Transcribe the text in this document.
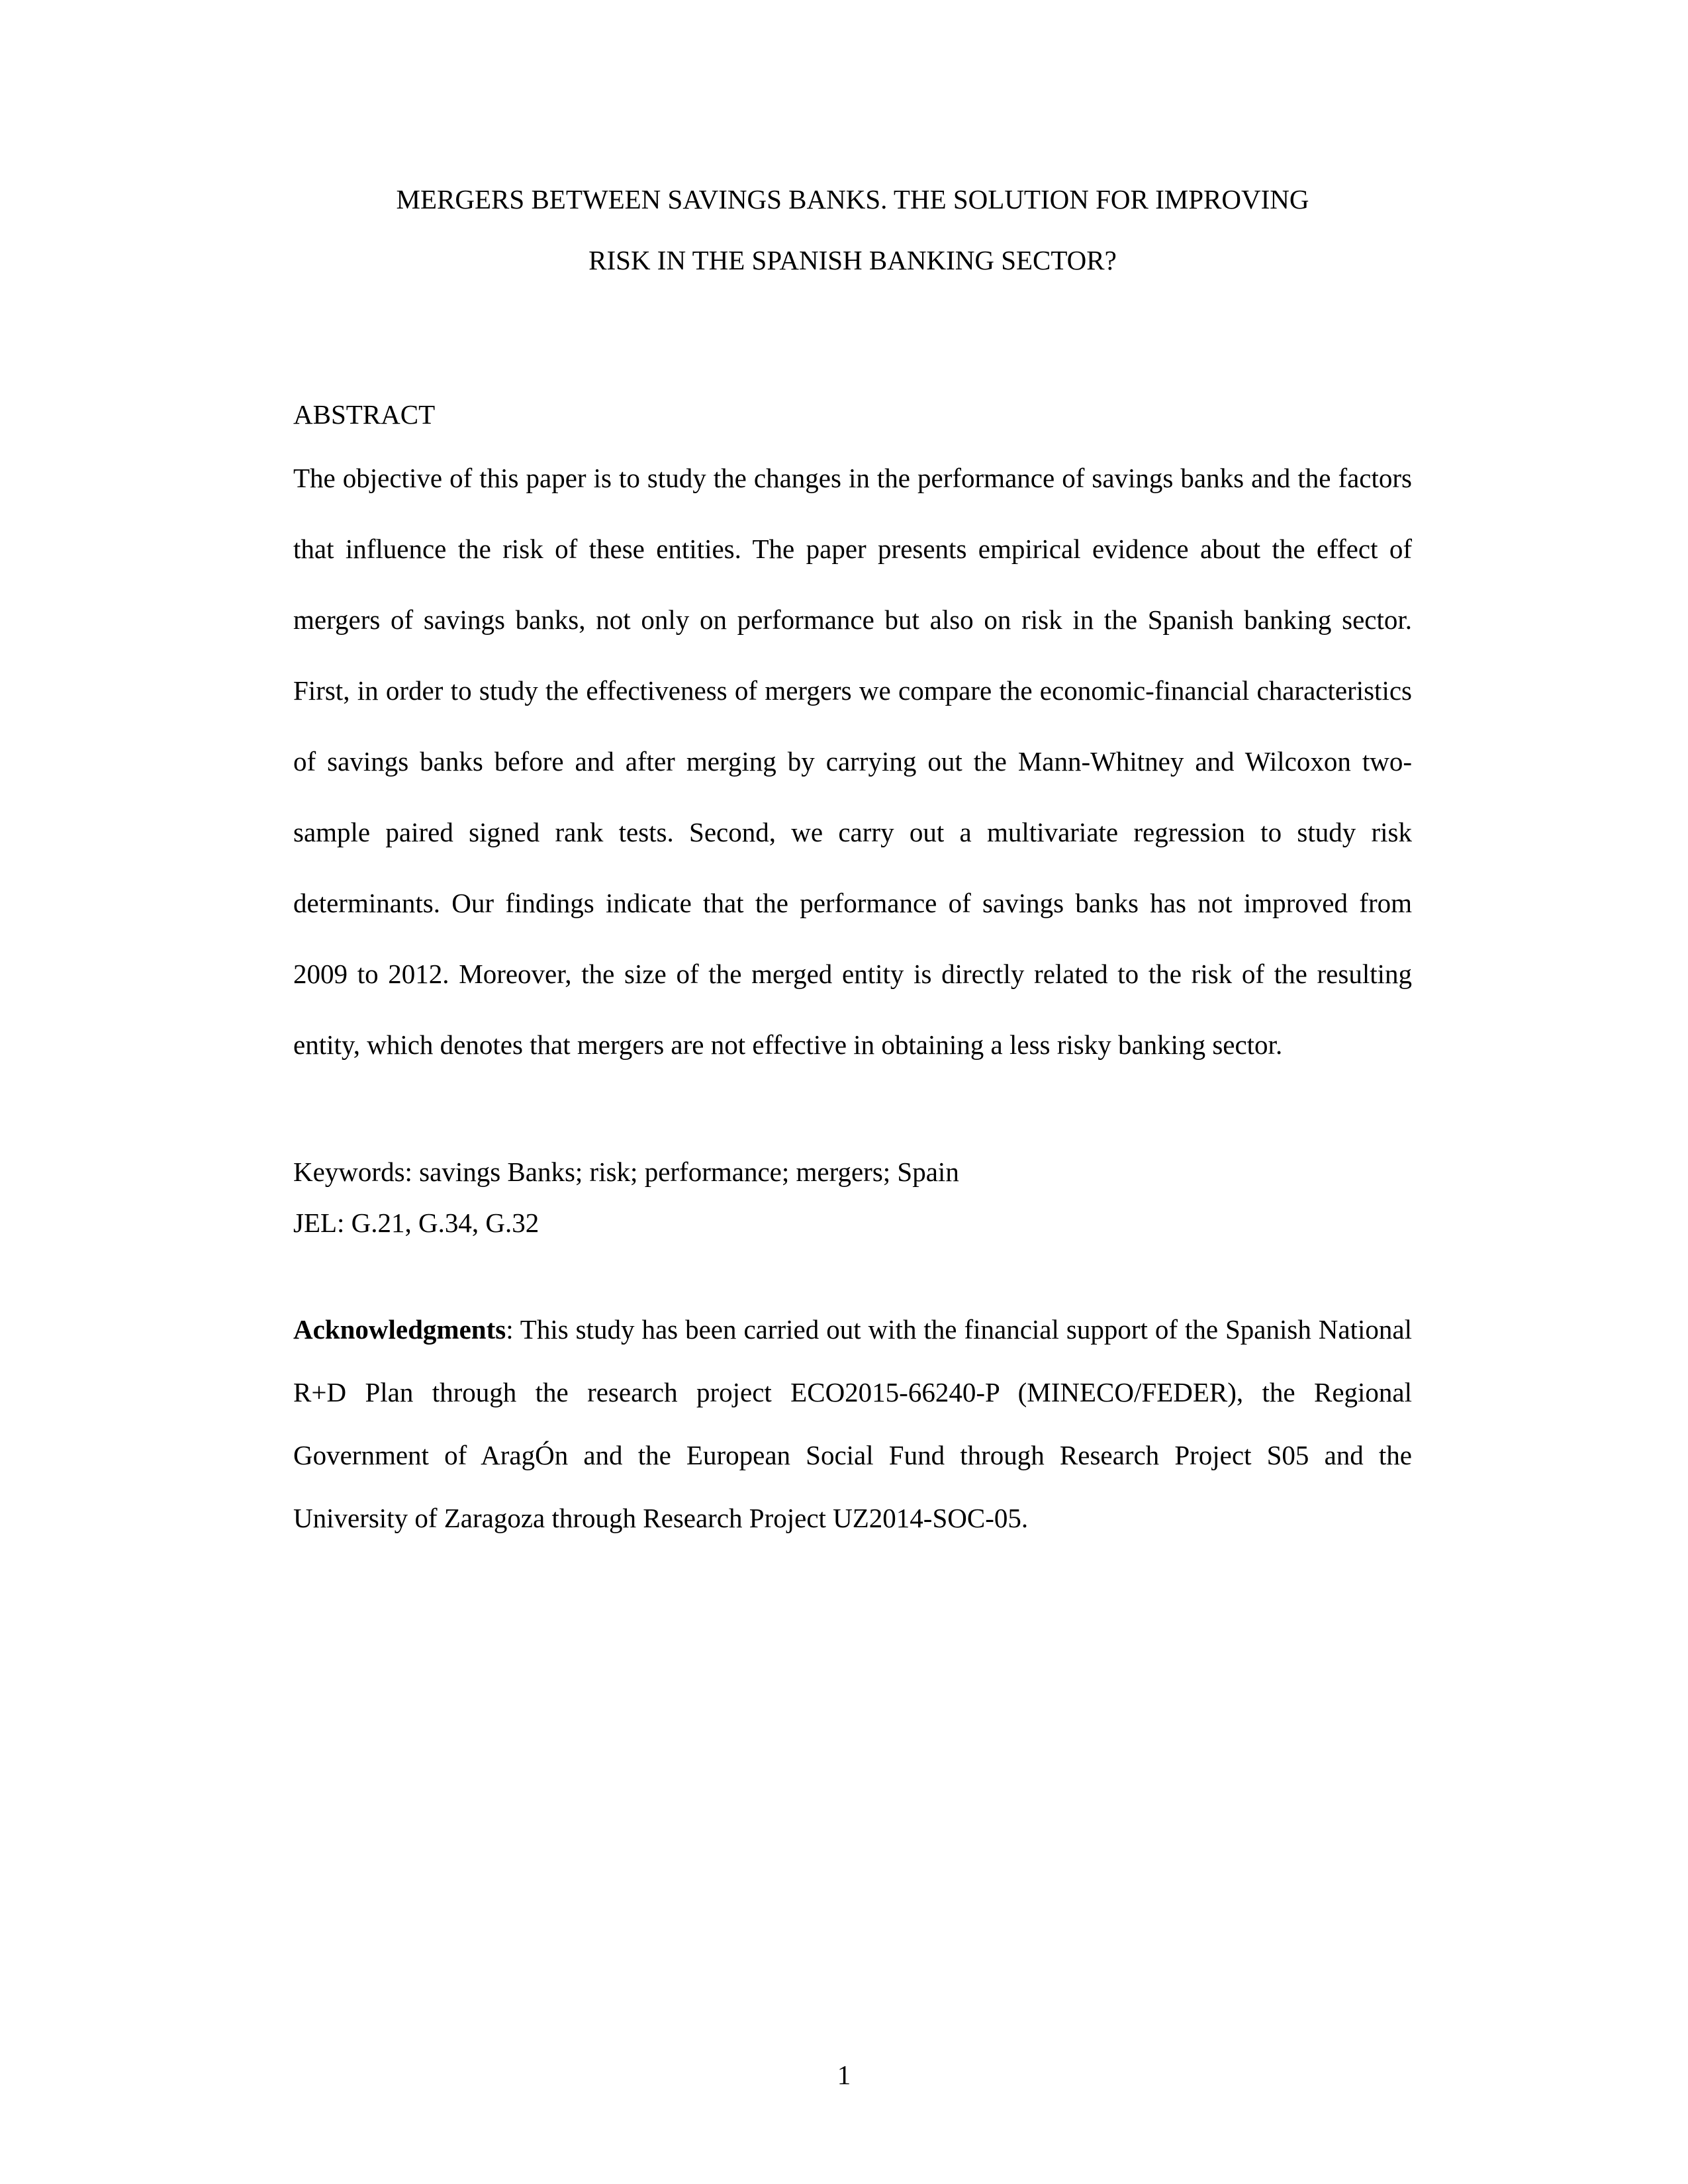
MERGERS BETWEEN SAVINGS BANKS. THE SOLUTION FOR IMPROVING
RISK IN THE SPANISH BANKING SECTOR?
ABSTRACT

The objective of this paper is to study the changes in the performance of savings banks and the factors that influence the risk of these entities. The paper presents empirical evidence about the effect of mergers of savings banks, not only on performance but also on risk in the Spanish banking sector. First, in order to study the effectiveness of mergers we compare the economic-financial characteristics of savings banks before and after merging by carrying out the Mann-Whitney and Wilcoxon two-sample paired signed rank tests. Second, we carry out a multivariate regression to study risk determinants. Our findings indicate that the performance of savings banks has not improved from 2009 to 2012. Moreover, the size of the merged entity is directly related to the risk of the resulting entity, which denotes that mergers are not effective in obtaining a less risky banking sector.

Keywords: savings Banks; risk; performance; mergers; Spain
JEL: G.21, G.34, G.32

Acknowledgments: This study has been carried out with the financial support of the Spanish National R+D Plan through the research project ECO2015-66240-P (MINECO/FEDER), the Regional Government of AragÓn and the European Social Fund through Research Project S05 and the University of Zaragoza through Research Project UZ2014-SOC-05.

1
